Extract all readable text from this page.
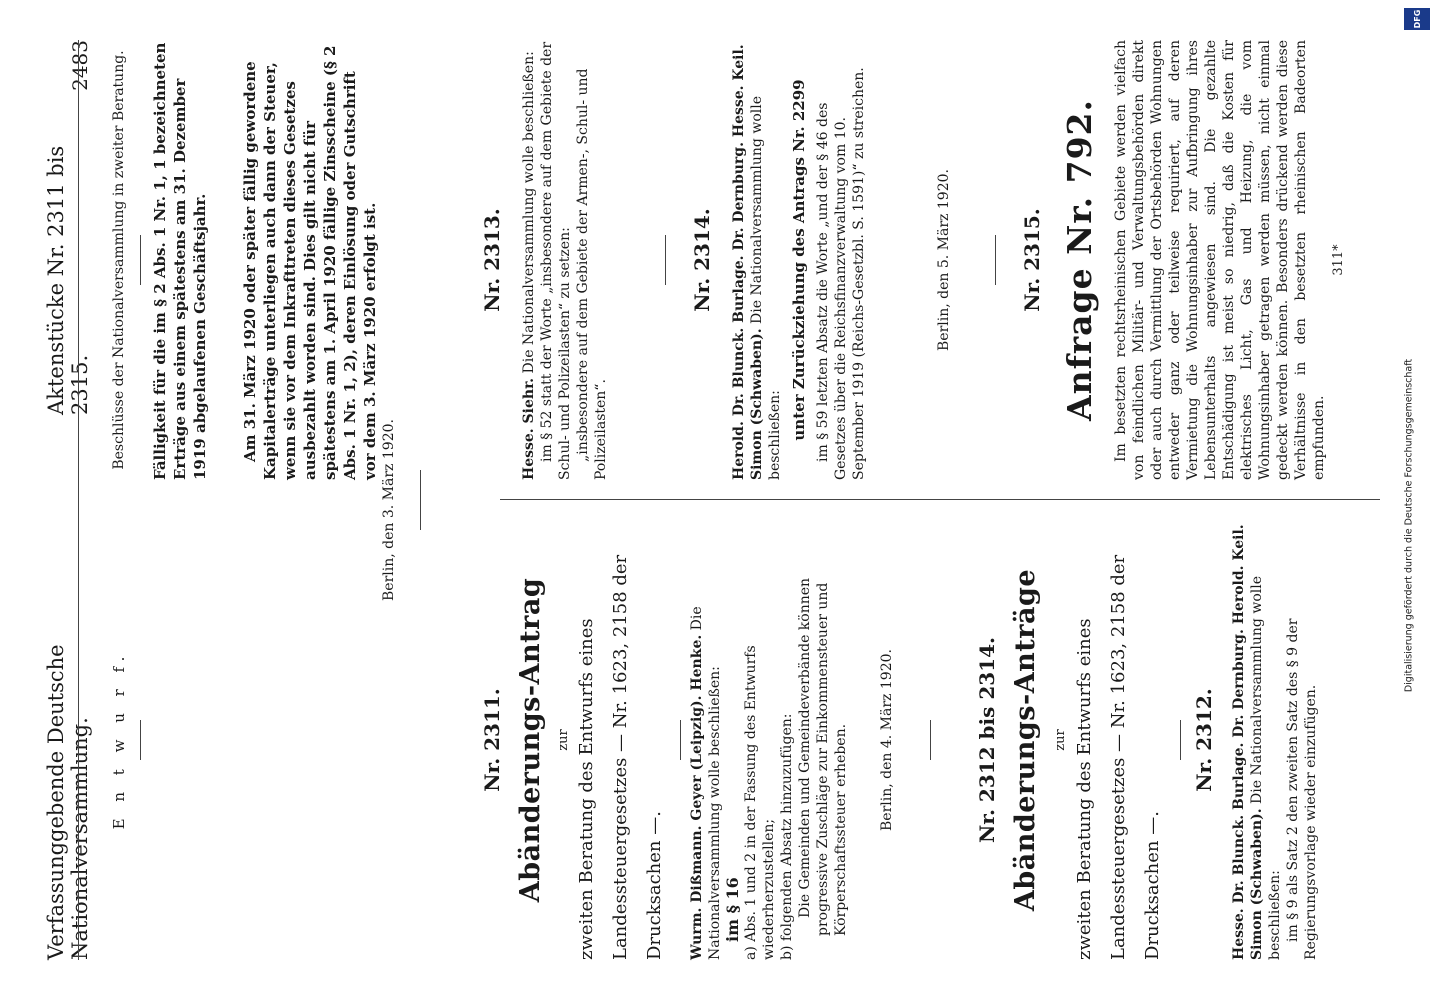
Verfassunggebende Deutsche Nationalversammlung.
Aktenstücke Nr. 2311 bis 2315.
2483
E n t w u r f.	Nr. 2311. Abänderungs-Antrag zur zweiten Beratung des Entwurfs eines Landessteuergesetzes — Nr. 1623, 2158 der Drucksachen —.	Wurm. Dißmann. Geyer (Leipzig). Henke. Die Nationalversammlung wolle beschließen: im § 16 a) Abs. 1 und 2 in der Fassung des Entwurfs wiederherzustellen; b) folgenden Absatz hinzuzufügen: Die Gemeinden und Gemeindeverbände können progressive Zuschläge zur Einkommensteuer und Körperschaftssteuer erheben. Berlin, den 4. März 1920.	Nr. 2312 bis 2314. Abänderungs-Anträge zur zweiten Beratung des Entwurfs eines Landessteuergesetzes — Nr. 1623, 2158 der Drucksachen —.
Nr. 2312. Hesse. Dr. Blunck. Burlage. Dr. Dernburg. Herold. Keil. Simon (Schwaben). Die Nationalversammlung wolle beschließen: im § 9 als Satz 2 den zweiten Satz des § 9 der Regierungsvorlage wieder einzufügen.

Beschlüsse der Nationalversammlung in zweiter Beratung. Fälligkeit für die im § 2 Abs. 1 Nr. 1, 1 bezeichneten Erträge aus einem spätestens am 31. Dezember 1919 abgelaufenen Geschäftsjahr. Am 31. März 1920 oder später fällig gewordene Kapitalerträge unterliegen auch dann der Steuer, wenn sie vor dem Inkrafttreten dieses Gesetzes ausbezahlt worden sind. Dies gilt nicht für spätestens am 1. April 1920 fällige Zinsscheine (§ 2 Abs. 1 Nr. 1, 2), deren Einlösung oder Gutschrift vor dem 3. März 1920 erfolgt ist.
Berlin, den 3. März 1920.
Nr. 2313.

Hesse. Siehr. Die Nationalversammlung wolle beschließen: im § 52 statt der Worte „insbesondere auf dem Gebiete der Schul- und Polizeilasten“ zu setzen: „insbesondere auf dem Gebiete der Armen-, Schul- und Polizeilasten“.

Nr. 2314. Herold. Dr. Blunck. Burlage. Dr. Dernburg. Hesse. Keil. Simon (Schwaben). Die Nationalversammlung wolle beschließen: unter Zurückziehung des Antrags Nr. 2299 im § 59 letzten Absatz die Worte „und der § 46 des Gesetzes über die Reichsfinanzverwaltung vom 10. September 1919 (Reichs-Gesetzbl. S. 1591)“ zu streichen.	Berlin, den 5. März 1920.	Nr. 2315. Anfrage Nr. 792. Im besetzten rechtsrheinischen Gebiete werden vielfach von feindlichen Militär- und Verwaltungsbehörden direkt oder auch durch Vermittlung der Ortsbehörden Wohnungen entweder ganz oder teilweise requiriert, auf deren Vermietung die Wohnungsinhaber zur Aufbringung ihres Lebensunterhalts angewiesen sind. Die gezahlte Entschädigung ist meist so niedrig, daß die Kosten für elektrisches Licht, Gas und Heizung, die vom Wohnungsinhaber getragen werden müssen, nicht einmal gedeckt werden können. Besonders drückend werden diese Verhältnisse in den besetzten rheinischen Badeorten empfunden.
311*
DFG
Digitalisierung gefördert durch die Deutsche Forschungsgemeinschaft
